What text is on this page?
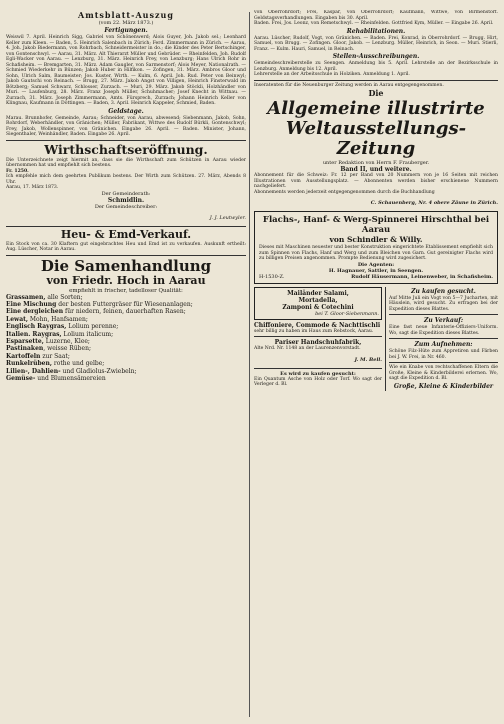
Amtsblatt-Auszug

(vom 22. März 1873.)

Fertigungen.

Weiswil 7. April. Heinrich Sigg, Gabriel von Schönenwerd; Alois Guyer, Joh. Jakob sel.; Leonhard Keller zum Kleen. — Baden, 5. Heinrich Salenbach in Zürich; Ferd. Zimmermann in Zürich. — Aarau, 4. Joh. Jakob Biedermann, von Rohrbach, Schneidermeister in do.; die Kinder des Peter Bertschinger, von Gontenschwyl. — Aarau, 31. März. Alt Thierarzt Müller und Gebrüder. — Rheinfelden, Joh. Rudolf Egli-Wacker von Aarau. — Lenzburg, 31. März. Heinrich Frey, von Lenzburg; Hans Ulrich Rohr in Schafisheim. — Bremgarten, 31. März. Adam Gaugler, von Sarmenstorf; Alois Meyer, Nationalrath. — Schmied Wiederkehr in Bünzen; Jakob Huber in Hilfikon. — Zofingen, 31. März. Ambros Gloor und Sohn, Ulrich Salm, Baumeister; Jos. Kuster, Wirth. — Kulm, 6. April. Joh. Rud. Peter von Beinwyl; Jakob Gautschi von Reinach. — Brugg, 27. März. Jakob Angst von Villigen, Heinrich Finsterwald im Bötzberg; Samuel Schwarz, Schlosser, Zurzach. — Muri, 29. März. Jakob Stöckli, Holzhändler von Muri. — Laufenburg, 28. März. Franz Joseph Müller, Schuhmacher; Josef Knecht in Wittnau. — Zurzach, 31. März. Joseph Zimmermann, Amts. Fürsprech, Zurzach; Johann Heinrich Keller von Klingnau, Kaufmann in Döttingen. — Baden, 3. April. Heinrich Kappeler, Schmied, Baden.

Geldstage.

Marau. Brunnhofer, Gemeinde, Aarau; Schneider, von Aarau, abwesend; Siebenmann, Jakob, Sohn, Rohrdorf, Weberhändler, von Gränichen; Müller, Fabrikant, Wittwe des Rudolf Bürkli, Gontenschwyl; Frey, Jakob, Wollenspinner, von Gränichen. Eingabe 26. April. — Baden. Minister, Johann, Siegenthaler, Weinhändler, Baden. Eingabe 26. April.

Wirthschaftseröffnung.

Die Unterzeichnete zeigt hiermit an, dass sie die Wirthschaft zum Schützen in Aarau wieder übernommen hat und empfiehlt sich bestens.

Fr. 1250.

Ich empfehle mich dem geehrten Publikum bestens. Der Wirth zum Schützen. 27. März, Abends 8 Uhr.

Aarau, 17. März 1873.

Der Gemeinderath:

Schmidlin.

Der Gemeindeschreiber:

J. J. Leutwyler.

Heu- & Emd-Verkauf.

Ein Stock von ca. 30 Klaftern gut eingebrachtes Heu und Emd ist zu verkaufen. Auskunft ertheilt: Aug. Lüscher, Notar in Aarau.

Die Samenhandlung

von Friedr. Hoch in Aarau

empfiehlt in frischer, tadelloser Qualität:

Grassamen, alle Sorten;

Eine Mischung der besten Futtergräser für Wiesenanlagen;

Eine dergleichen für niedern, feinen, dauerhaften Rasen;

Lewat, Mohn, Hanfsamen;

Englisch Raygras, Lolium perenne;

Italien. Raygras, Lolium italicum;

Esparsette, Luzerne, Klee;

Pastinaken, weisse Rüben;

Kartoffeln zur Saat;

Runkelrüben, rothe und gelbe;

Lilien-, Dahlien- und Gladiolus-Zwiebeln;

Gemüse- und Blumensämereien

von Oberrohrdorf; Frei, Kaspar, von Oberrohrdorf; Kaufmann, Wittwe, von Birmenstorf. Geldstagsverhandlungen. Eingaben bis 30. April.

Baden. Frei, Jos. Leonz, von Remetschwyl. — Rheinfelden. Gottfried Kym, Müller. — Eingabe 26. April.

Rehabilitationen.

Aarau. Lüscher, Rudolf, Vogt, von Gränichen. — Baden. Frei, Konrad, in Oberrohrdorf. — Brugg. Hirt, Samuel, von Brugg. — Zofingen. Gloor, Jakob. — Lenzburg. Müller, Heinrich, in Seon. — Muri. Stierli, Franz. — Kulm. Hauri, Samuel, in Reinach.

Stellen-Ausschreibungen.

Gemeindeschreiberstelle zu Seengen. Anmeldung bis 5. April. Lehrstelle an der Bezirksschule in Lenzburg. Anmeldung bis 12. April.

Lehrerstelle an der Arbeitsschule in Holziken. Anmeldung 1. April.

Inseratenten für die Neuenburger Zeitung werden in Aarau entgegengenommen.

Die

Allgemeine illustrirte Weltausstellungs-Zeitung

unter Redaktion von Herrn F. Frauberger.

Band II, und weitere.

Abonnement für die Schweiz: Fr. 12 per Band von 20 Nummern von je 16 Seiten mit reichen Illustrationen vom Ausstellungsplatz. — Abonnenten werden bisher erschienene Nummern nachgeliefert.

Abonnements werden jederzeit entgegengenommen durch die Buchhandlung

C. Schauenberg, Nr. 4 obere Zäune in Zürich.

Flachs-, Hanf- & Werg-Spinnerei Hirschthal bei Aarau

von Schindler & Willy.

Dieses mit Maschinen neuester und bester Konstruktion eingerichtete Etablissement empfiehlt sich zum Spinnen von Flachs, Hanf und Werg und zum Bleichen von Garn. Gut gereinigter Flachs wird zu billigen Preisen angenommen. Prompte Bedienung wird zugesichert.

Die Agenten:

H. Hagnauer, Sattler, in Seengen.

H-1530-Z.	Rudolf Häusermann, Leinenweber, in Schafisheim.

Mailänder Salami,

Mortadella,

Zamponi & Cotechini

bei T. Gloor-Siebenmann.

Chiffoniere, Commode & Nachttischli

sehr billig zu haben im Haus zum Rebstock, Aarau.

Pariser Handschuhfabrik,

Alte Nrd. Nr. 1148 an der Laurenzenvorstadt.

J. M. Bell.

Es wird zu kaufen gesucht:

Ein Quantum Asche von Holz oder Torf. Wo sagt der Verleger d. Bl.

Zu kaufen gesucht.

Auf Mitte Juli ein Vogt von 5—7 Jucharten, mit Häuslein, wird gesucht. Zu erfragen bei der Expedition dieses Blattes.

Zu Verkauf:

Eine fast neue Infanterie-Offiziers-Uniform. Wo, sagt die Expedition dieses Blattes.

Zum Aufnehmen:

Schöne Filz-Hüte zum Appretiren und Färben bei J. W. Frei, in Nr. 460.

Wie ein Knabe von rechtschaffenen Eltern die Große, Kleine & Kinderbilderei erlernen. Wo, sagt die Expedition d. Bl.

Große, Kleine & Kinderbilder
